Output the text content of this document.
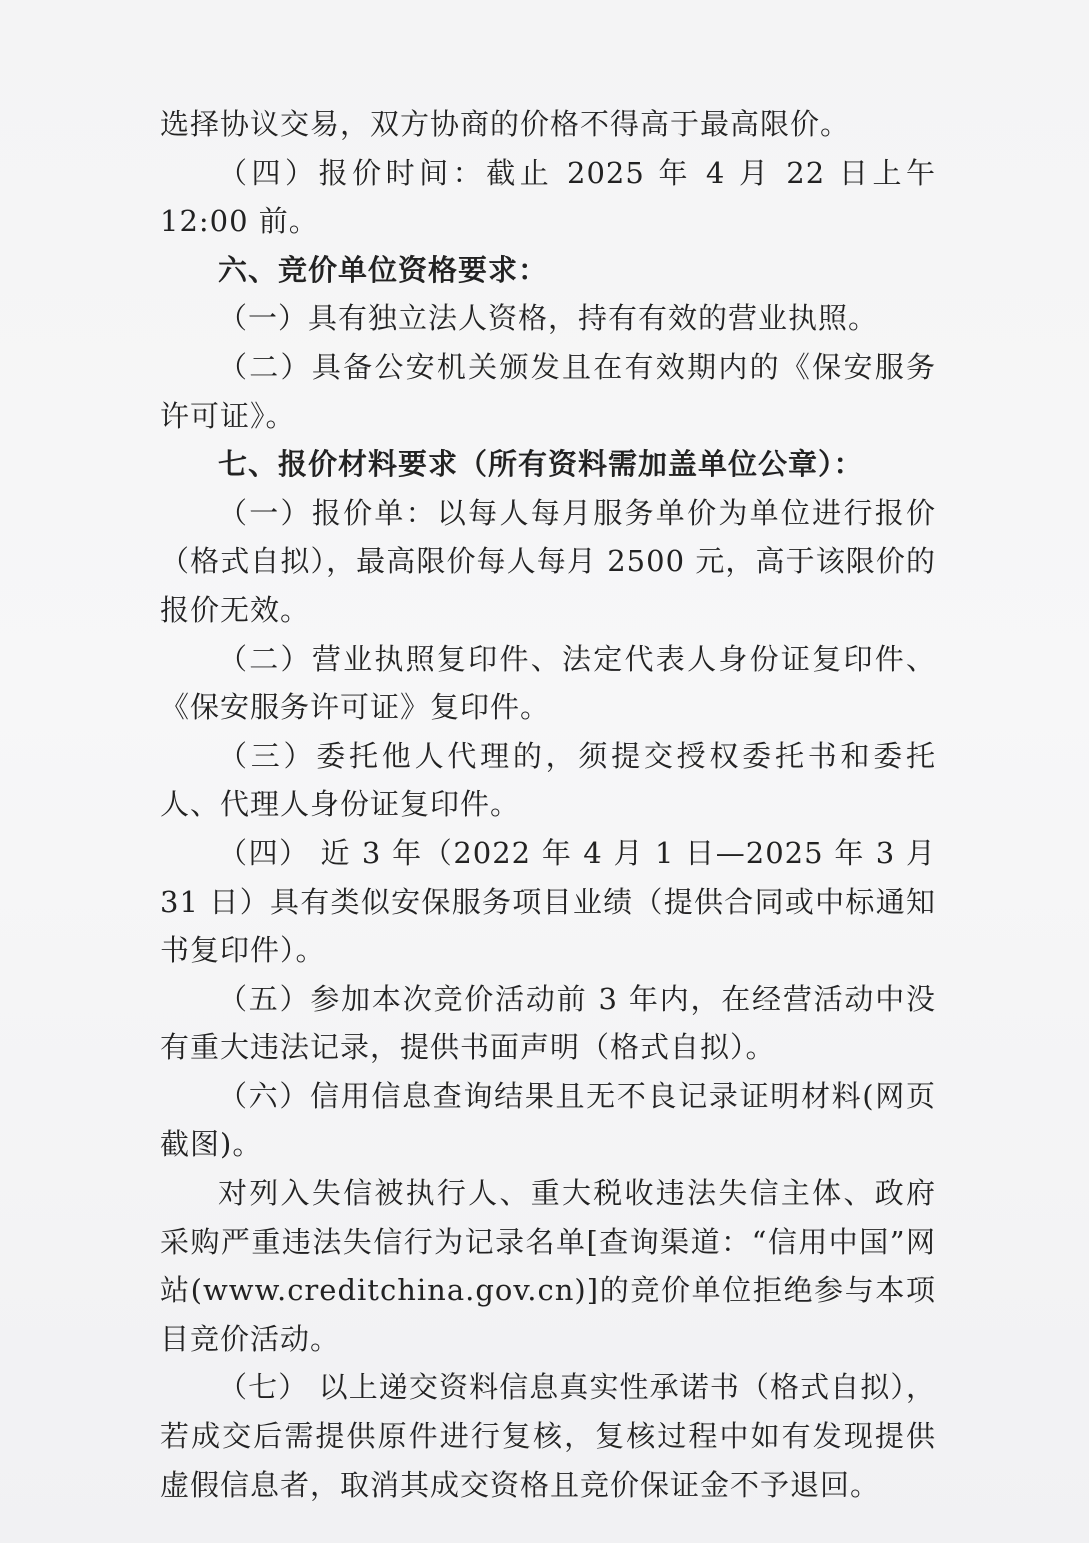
选择协议交易，双方协商的价格不得高于最高限价。

（四）报价时间：截止 2025 年 4 月 22 日上午 12:00 前。

六、竞价单位资格要求：

（一）具有独立法人资格，持有有效的营业执照。

（二）具备公安机关颁发且在有效期内的《保安服务许可证》。

七、报价材料要求（所有资料需加盖单位公章）：

（一）报价单：以每人每月服务单价为单位进行报价（格式自拟），最高限价每人每月 2500 元，高于该限价的报价无效。

（二）营业执照复印件、法定代表人身份证复印件、《保安服务许可证》复印件。

（三）委托他人代理的，须提交授权委托书和委托人、代理人身份证复印件。

（四） 近 3 年（2022 年 4 月 1 日—2025 年 3 月 31 日）具有类似安保服务项目业绩（提供合同或中标通知书复印件）。

（五）参加本次竞价活动前 3 年内，在经营活动中没有重大违法记录，提供书面声明（格式自拟）。

（六）信用信息查询结果且无不良记录证明材料(网页截图)。

对列入失信被执行人、重大税收违法失信主体、政府采购严重违法失信行为记录名单[查询渠道：“信用中国”网站(www.creditchina.gov.cn)]的竞价单位拒绝参与本项目竞价活动。

（七） 以上递交资料信息真实性承诺书（格式自拟），若成交后需提供原件进行复核，复核过程中如有发现提供虚假信息者，取消其成交资格且竞价保证金不予退回。
